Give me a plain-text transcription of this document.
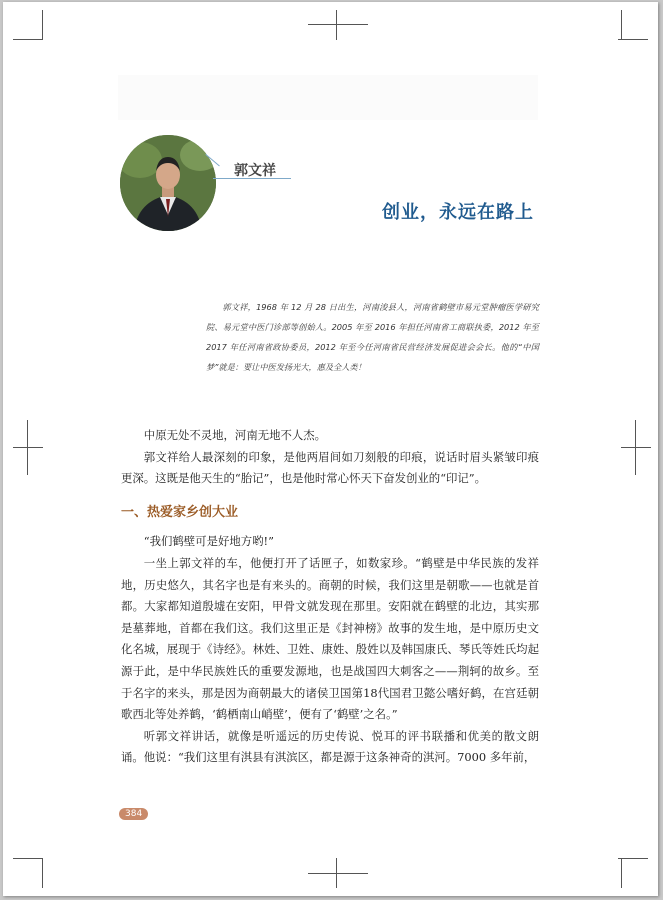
郭文祥
创业，永远在路上
郭文祥，1968 年 12 月 28 日出生，河南浚县人，河南省鹤壁市易元堂肿瘤医学研究院、易元堂中医门诊部等创始人。2005 年至 2016 年担任河南省工商联执委，2012 年至 2017 年任河南省政协委员，2012 年至今任河南省民营经济发展促进会会长。他的“中国梦”就是：要让中医发扬光大，惠及全人类！

中原无处不灵地，河南无地不人杰。

郭文祥给人最深刻的印象，是他两眉间如刀刻般的印痕，说话时眉头紧皱印痕更深。这既是他天生的“胎记”，也是他时常心怀天下奋发创业的“印记”。

一、热爱家乡创大业

“我们鹤壁可是好地方哟!”

一坐上郭文祥的车，他便打开了话匣子，如数家珍。“鹤壁是中华民族的发祥地，历史悠久，其名字也是有来头的。商朝的时候，我们这里是朝歌——也就是首都。大家都知道殷墟在安阳，甲骨文就发现在那里。安阳就在鹤壁的北边，其实那是墓葬地，首都在我们这。我们这里正是《封神榜》故事的发生地，是中原历史文化名城，展现于《诗经》。林姓、卫姓、康姓、殷姓以及韩国康氏、琴氏等姓氏均起源于此，是中华民族姓氏的重要发源地，也是战国四大刺客之——荆轲的故乡。至于名字的来头，那是因为商朝最大的诸侯卫国第18代国君卫懿公嗜好鹤，在宫廷朝歌西北等处养鹤，‘鹤栖南山峭壁’，便有了‘鹤壁’之名。”

听郭文祥讲话，就像是听遥远的历史传说、悦耳的评书联播和优美的散文朗诵。他说：“我们这里有淇县有淇滨区，都是源于这条神奇的淇河。7000 多年前，

384
